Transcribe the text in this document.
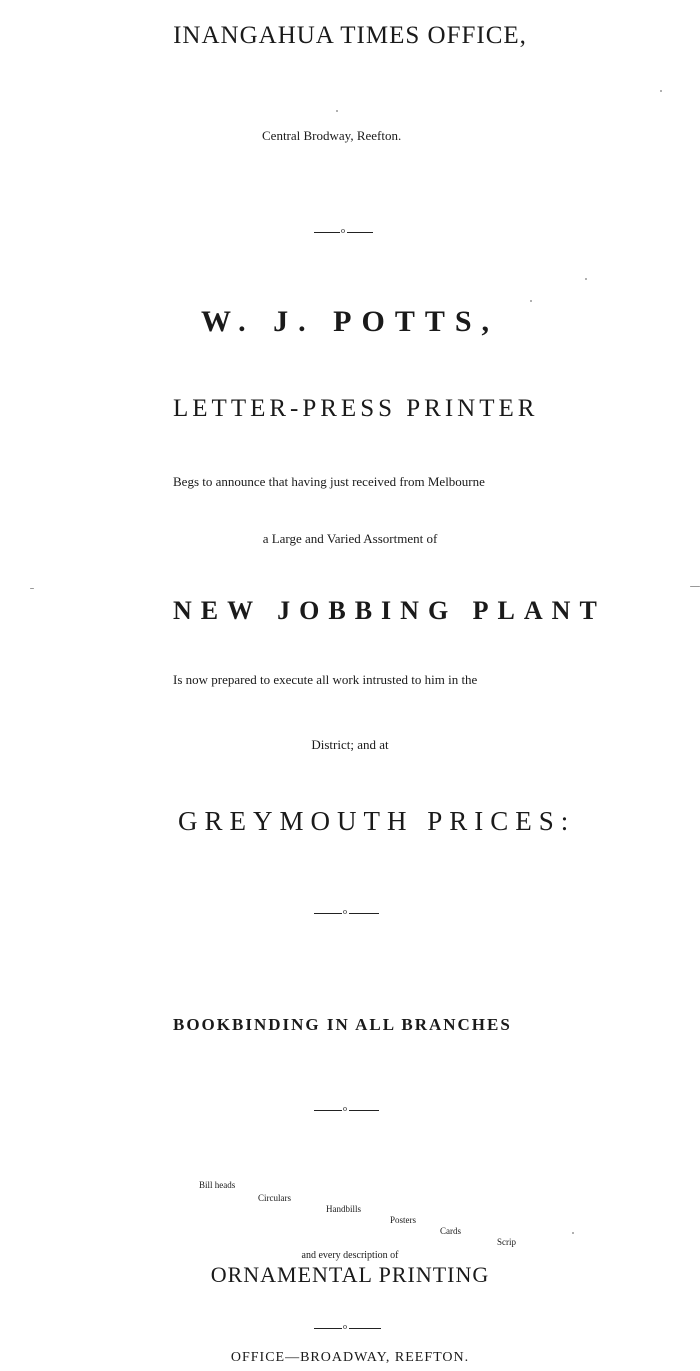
INANGAHUA TIMES OFFICE,
Central Brodway, Reefton.
o
W. J. POTTS,
LETTER-PRESS PRINTER
Begs to announce that having just received from Melbourne
a Large and Varied Assortment of
NEW JOBBING PLANT
Is now prepared to execute all work intrusted to him in the
District; and at
GREYMOUTH PRICES:
o
BOOKBINDING IN ALL BRANCHES
o
Bill heads
Circulars
Handbills
Posters
Cards
Scrip
and every description of
ORNAMENTAL PRINTING
o
OFFICE—BROADWAY, REEFTON.
